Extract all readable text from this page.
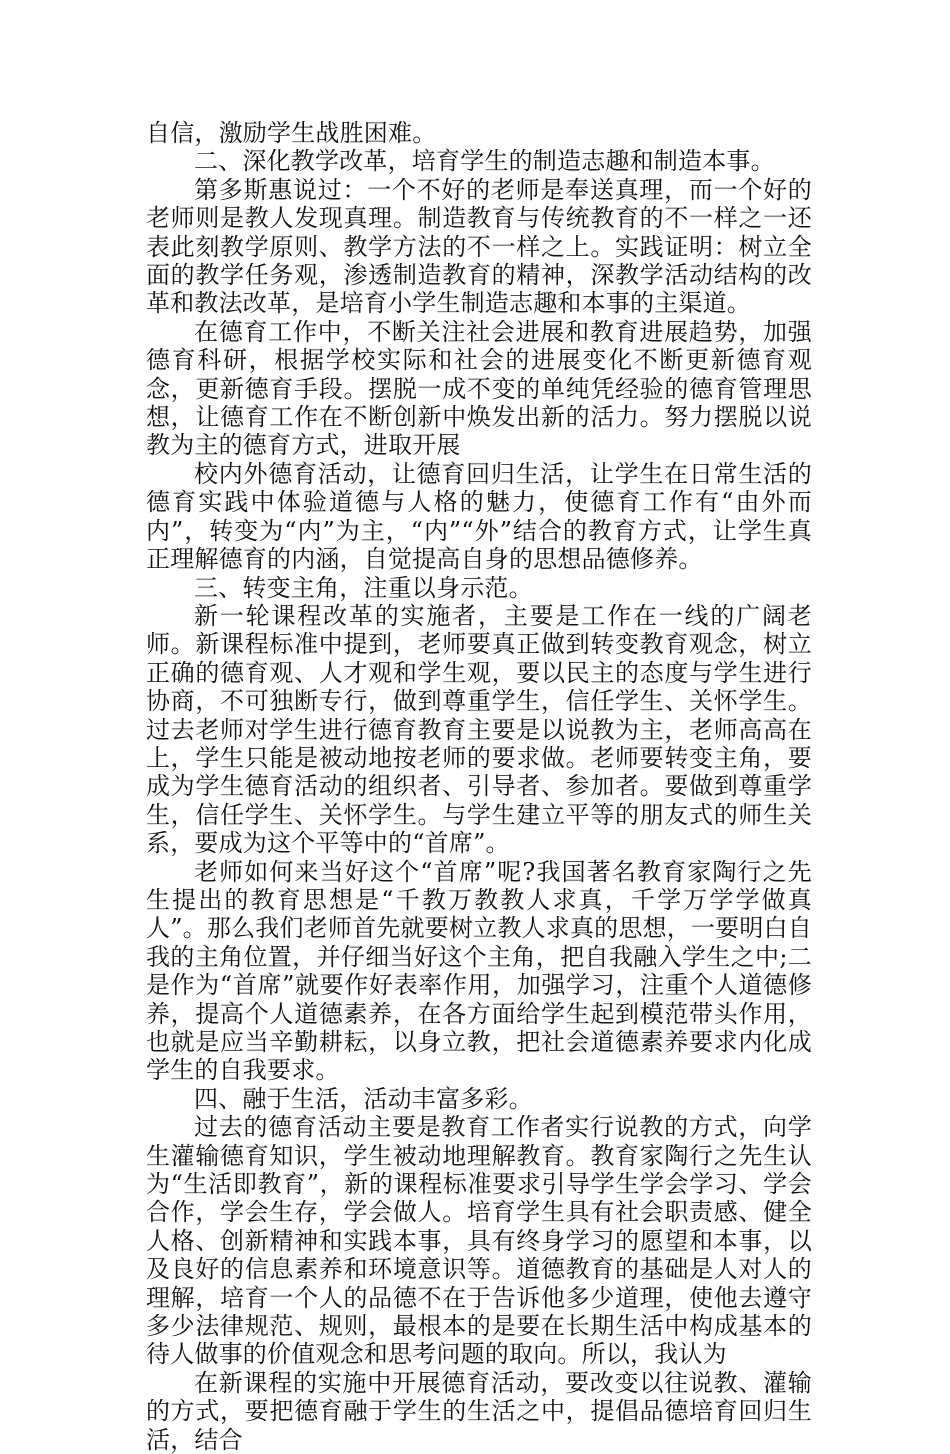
自信，激励学生战胜困难。

二、深化教学改革，培育学生的制造志趣和制造本事。

第多斯惠说过：一个不好的老师是奉送真理，而一个好的老师则是教人发现真理。制造教育与传统教育的不一样之一还表此刻教学原则、教学方法的不一样之上。实践证明：树立全面的教学任务观，渗透制造教育的精神，深教学活动结构的改革和教法改革，是培育小学生制造志趣和本事的主渠道。

在德育工作中，不断关注社会进展和教育进展趋势，加强德育科研，根据学校实际和社会的进展变化不断更新德育观念，更新德育手段。摆脱一成不变的单纯凭经验的德育管理思想，让德育工作在不断创新中焕发出新的活力。努力摆脱以说教为主的德育方式，进取开展

校内外德育活动，让德育回归生活，让学生在日常生活的德育实践中体验道德与人格的魅力，使德育工作有“由外而内”，转变为“内”为主，“内”“外”结合的教育方式，让学生真正理解德育的内涵，自觉提高自身的思想品德修养。

三、转变主角，注重以身示范。

新一轮课程改革的实施者，主要是工作在一线的广阔老师。新课程标准中提到，老师要真正做到转变教育观念，树立正确的德育观、人才观和学生观，要以民主的态度与学生进行协商，不可独断专行，做到尊重学生，信任学生、关怀学生。过去老师对学生进行德育教育主要是以说教为主，老师高高在上，学生只能是被动地按老师的要求做。老师要转变主角，要成为学生德育活动的组织者、引导者、参加者。要做到尊重学生，信任学生、关怀学生。与学生建立平等的朋友式的师生关系，要成为这个平等中的“首席”。

老师如何来当好这个“首席”呢?我国著名教育家陶行之先生提出的教育思想是“千教万教教人求真，千学万学学做真人”。那么我们老师首先就要树立教人求真的思想，一要明白自我的主角位置，并仔细当好这个主角，把自我融入学生之中;二是作为“首席”就要作好表率作用，加强学习，注重个人道德修养，提高个人道德素养，在各方面给学生起到模范带头作用，也就是应当辛勤耕耘，以身立教，把社会道德素养要求内化成学生的自我要求。

四、融于生活，活动丰富多彩。

过去的德育活动主要是教育工作者实行说教的方式，向学生灌输德育知识，学生被动地理解教育。教育家陶行之先生认为“生活即教育”，新的课程标准要求引导学生学会学习、学会合作，学会生存，学会做人。培育学生具有社会职责感、健全人格、创新精神和实践本事，具有终身学习的愿望和本事，以及良好的信息素养和环境意识等。道德教育的基础是人对人的理解，培育一个人的品德不在于告诉他多少道理，使他去遵守多少法律规范、规则，最根本的是要在长期生活中构成基本的待人做事的价值观念和思考问题的取向。所以，我认为

在新课程的实施中开展德育活动，要改变以往说教、灌输的方式，要把德育融于学生的生活之中，提倡品德培育回归生活，结合
